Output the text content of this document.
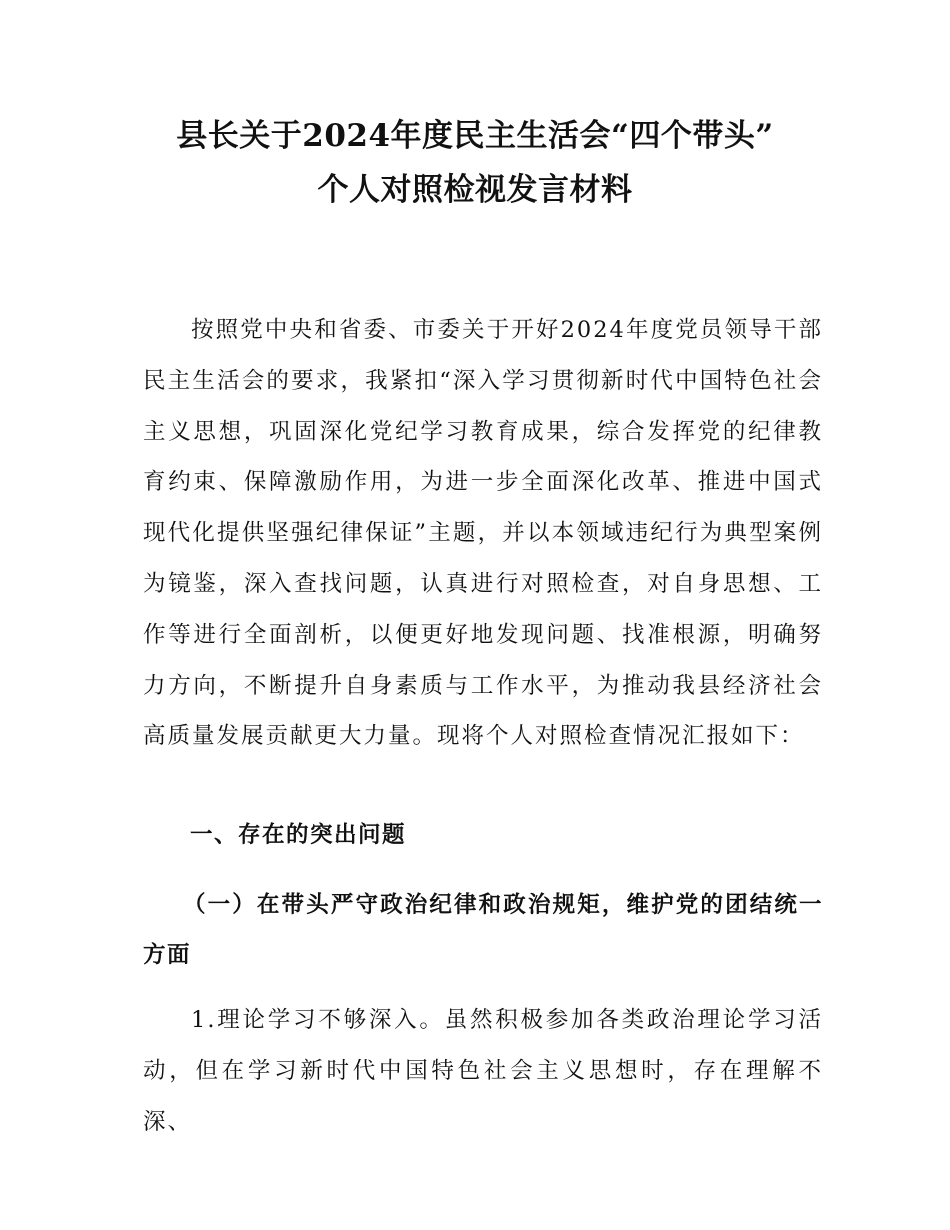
县长关于2024年度民主生活会“四个带头”
个人对照检视发言材料

按照党中央和省委、市委关于开好2024年度党员领导干部民主生活会的要求，我紧扣“深入学习贯彻新时代中国特色社会主义思想，巩固深化党纪学习教育成果，综合发挥党的纪律教育约束、保障激励作用，为进一步全面深化改革、推进中国式现代化提供坚强纪律保证”主题，并以本领域违纪行为典型案例为镜鉴，深入查找问题，认真进行对照检查，对自身思想、工作等进行全面剖析，以便更好地发现问题、找准根源，明确努力方向，不断提升自身素质与工作水平，为推动我县经济社会高质量发展贡献更大力量。现将个人对照检查情况汇报如下：

一、存在的突出问题
（一）在带头严守政治纪律和政治规矩，维护党的团结统一方面

1.理论学习不够深入。虽然积极参加各类政治理论学习活动，但在学习新时代中国特色社会主义思想时，存在理解不深、
